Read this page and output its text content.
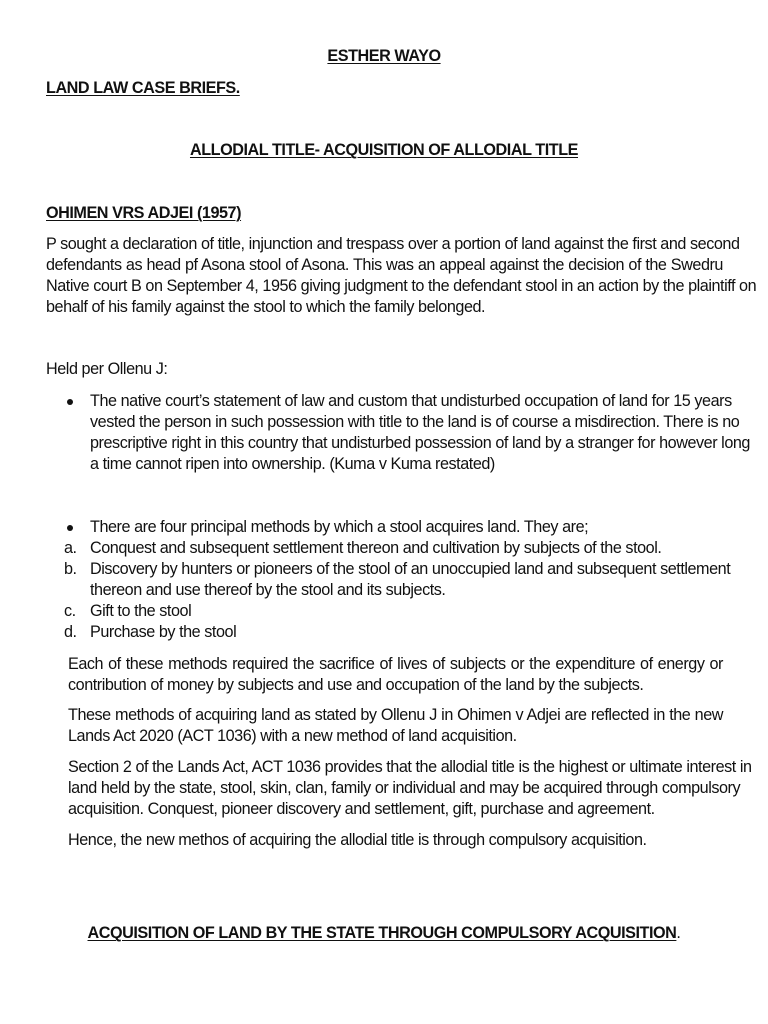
ESTHER WAYO
LAND LAW CASE BRIEFS.
ALLODIAL TITLE- ACQUISITION OF ALLODIAL TITLE
OHIMEN VRS ADJEI (1957)
P sought a declaration of title, injunction and trespass over a portion of land against the first and second
defendants as head pf Asona stool of Asona. This was an appeal against the decision of the Swedru
Native court B on September 4, 1956 giving judgment to the defendant stool in an action by the plaintiff on
behalf of his family against the stool to which the family belonged.
Held per Ollenu J:
The native court’s statement of law and custom that undisturbed occupation of land for 15 years
vested the person in such possession with title to the land is of course a misdirection. There is no
prescriptive right in this country that undisturbed possession of land by a stranger for however long
a time cannot ripen into ownership. (Kuma v Kuma restated)
There are four principal methods by which a stool acquires land. They are;
a. Conquest and subsequent settlement thereon and cultivation by subjects of the stool.
b. Discovery by hunters or pioneers of the stool of an unoccupied land and subsequent settlement
thereon and use thereof by the stool and its subjects.
c. Gift to the stool
d. Purchase by the stool
Each of these methods required the sacrifice of lives of subjects or the expenditure of energy or
contribution of money by subjects and use and occupation of the land by the subjects.
These methods of acquiring land as stated by Ollenu J in Ohimen v Adjei are reflected in the new
Lands Act 2020 (ACT 1036) with a new method of land acquisition.
Section 2 of the Lands Act, ACT 1036 provides that the allodial title is the highest or ultimate interest in
land held by the state, stool, skin, clan, family or individual and may be acquired through compulsory
acquisition. Conquest, pioneer discovery and settlement, gift, purchase and agreement.
Hence, the new methos of acquiring the allodial title is through compulsory acquisition.
ACQUISITION OF LAND BY THE STATE THROUGH COMPULSORY ACQUISITION.
